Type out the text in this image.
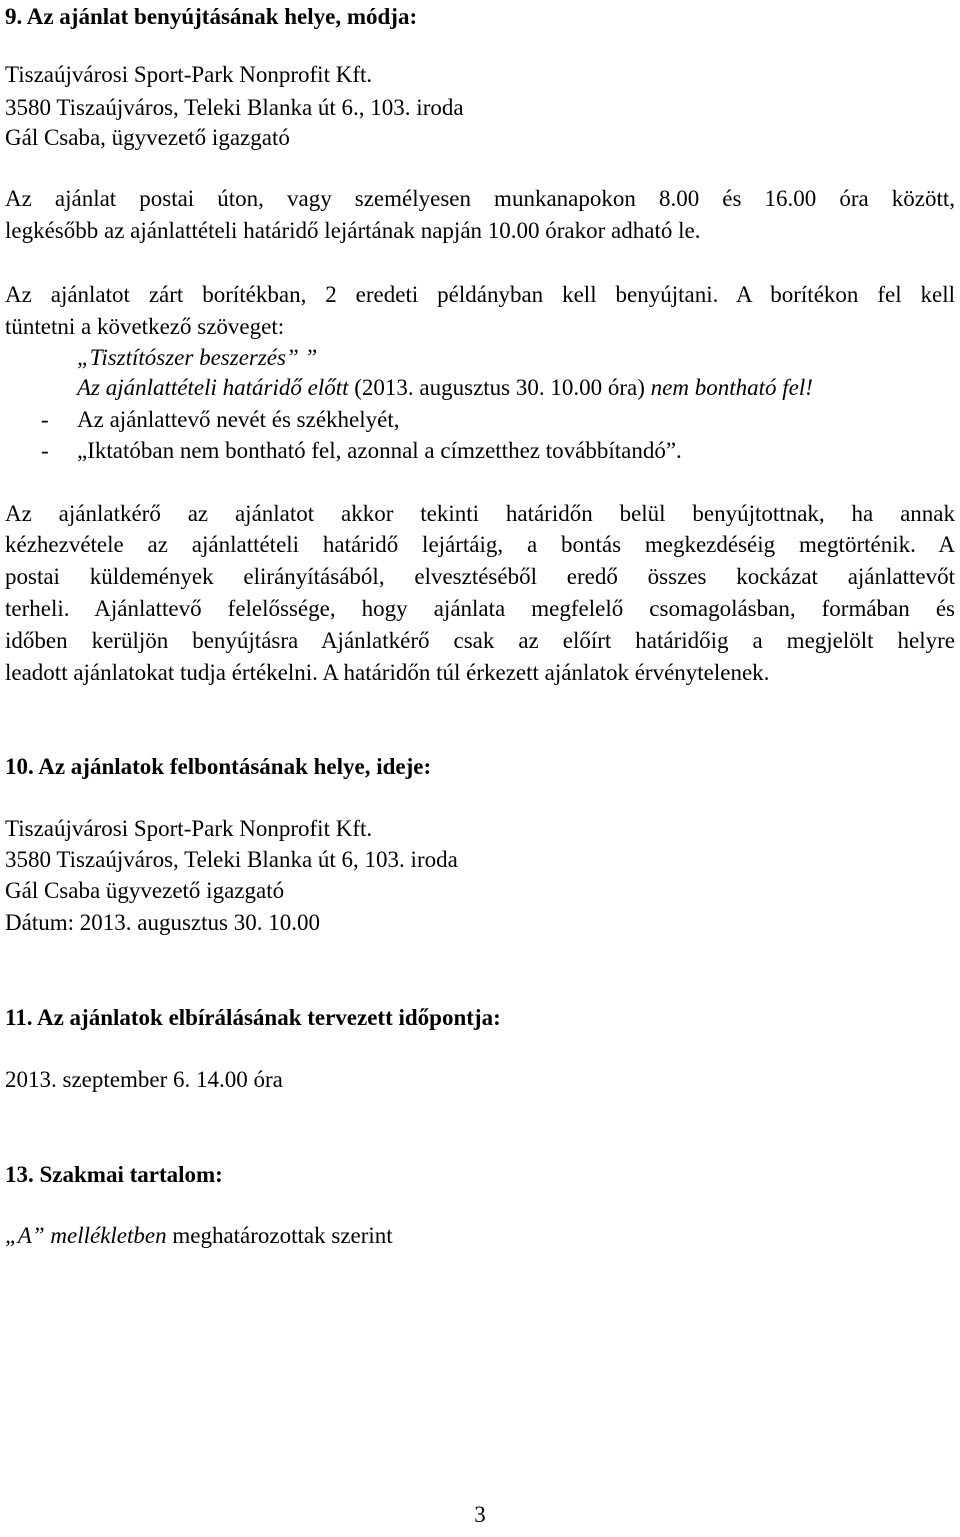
9. Az ajánlat benyújtásának helye, módja:
Tiszaújvárosi Sport-Park Nonprofit Kft.
3580 Tiszaújváros, Teleki Blanka út 6., 103. iroda
Gál Csaba, ügyvezető igazgató
Az ajánlat postai úton, vagy személyesen munkanapokon 8.00 és 16.00 óra között,
legkésőbb az ajánlattételi határidő lejártának napján 10.00 órakor adható le.
Az ajánlatot zárt borítékban, 2 eredeti példányban kell benyújtani. A borítékon fel kell
tüntetni a következő szöveget:
„Tisztítószer beszerzés” ”
Az ajánlattételi határidő előtt (2013. augusztus 30. 10.00 óra) nem bontható fel!
- Az ajánlattevő nevét és székhelyét,
- „Iktatóban nem bontható fel, azonnal a címzetthez továbbítandó”.
Az ajánlatkérő az ajánlatot akkor tekinti határidőn belül benyújtottnak, ha annak
kézhezvétele az ajánlattételi határidő lejártáig, a bontás megkezdéséig megtörténik. A
postai küldemények elirányításából, elvesztéséből eredő összes kockázat ajánlattevőt
terheli. Ajánlattevő felelőssége, hogy ajánlata megfelelő csomagolásban, formában és
időben kerüljön benyújtásra Ajánlatkérő csak az előírt határidőig a megjelölt helyre
leadott ajánlatokat tudja értékelni. A határidőn túl érkezett ajánlatok érvénytelenek.
10. Az ajánlatok felbontásának helye, ideje:
Tiszaújvárosi Sport-Park Nonprofit Kft.
3580 Tiszaújváros, Teleki Blanka út 6, 103. iroda
Gál Csaba ügyvezető igazgató
Dátum: 2013. augusztus 30. 10.00
11. Az ajánlatok elbírálásának tervezett időpontja:
2013. szeptember 6. 14.00 óra
13. Szakmai tartalom:
„A” mellékletben meghatározottak szerint
3
